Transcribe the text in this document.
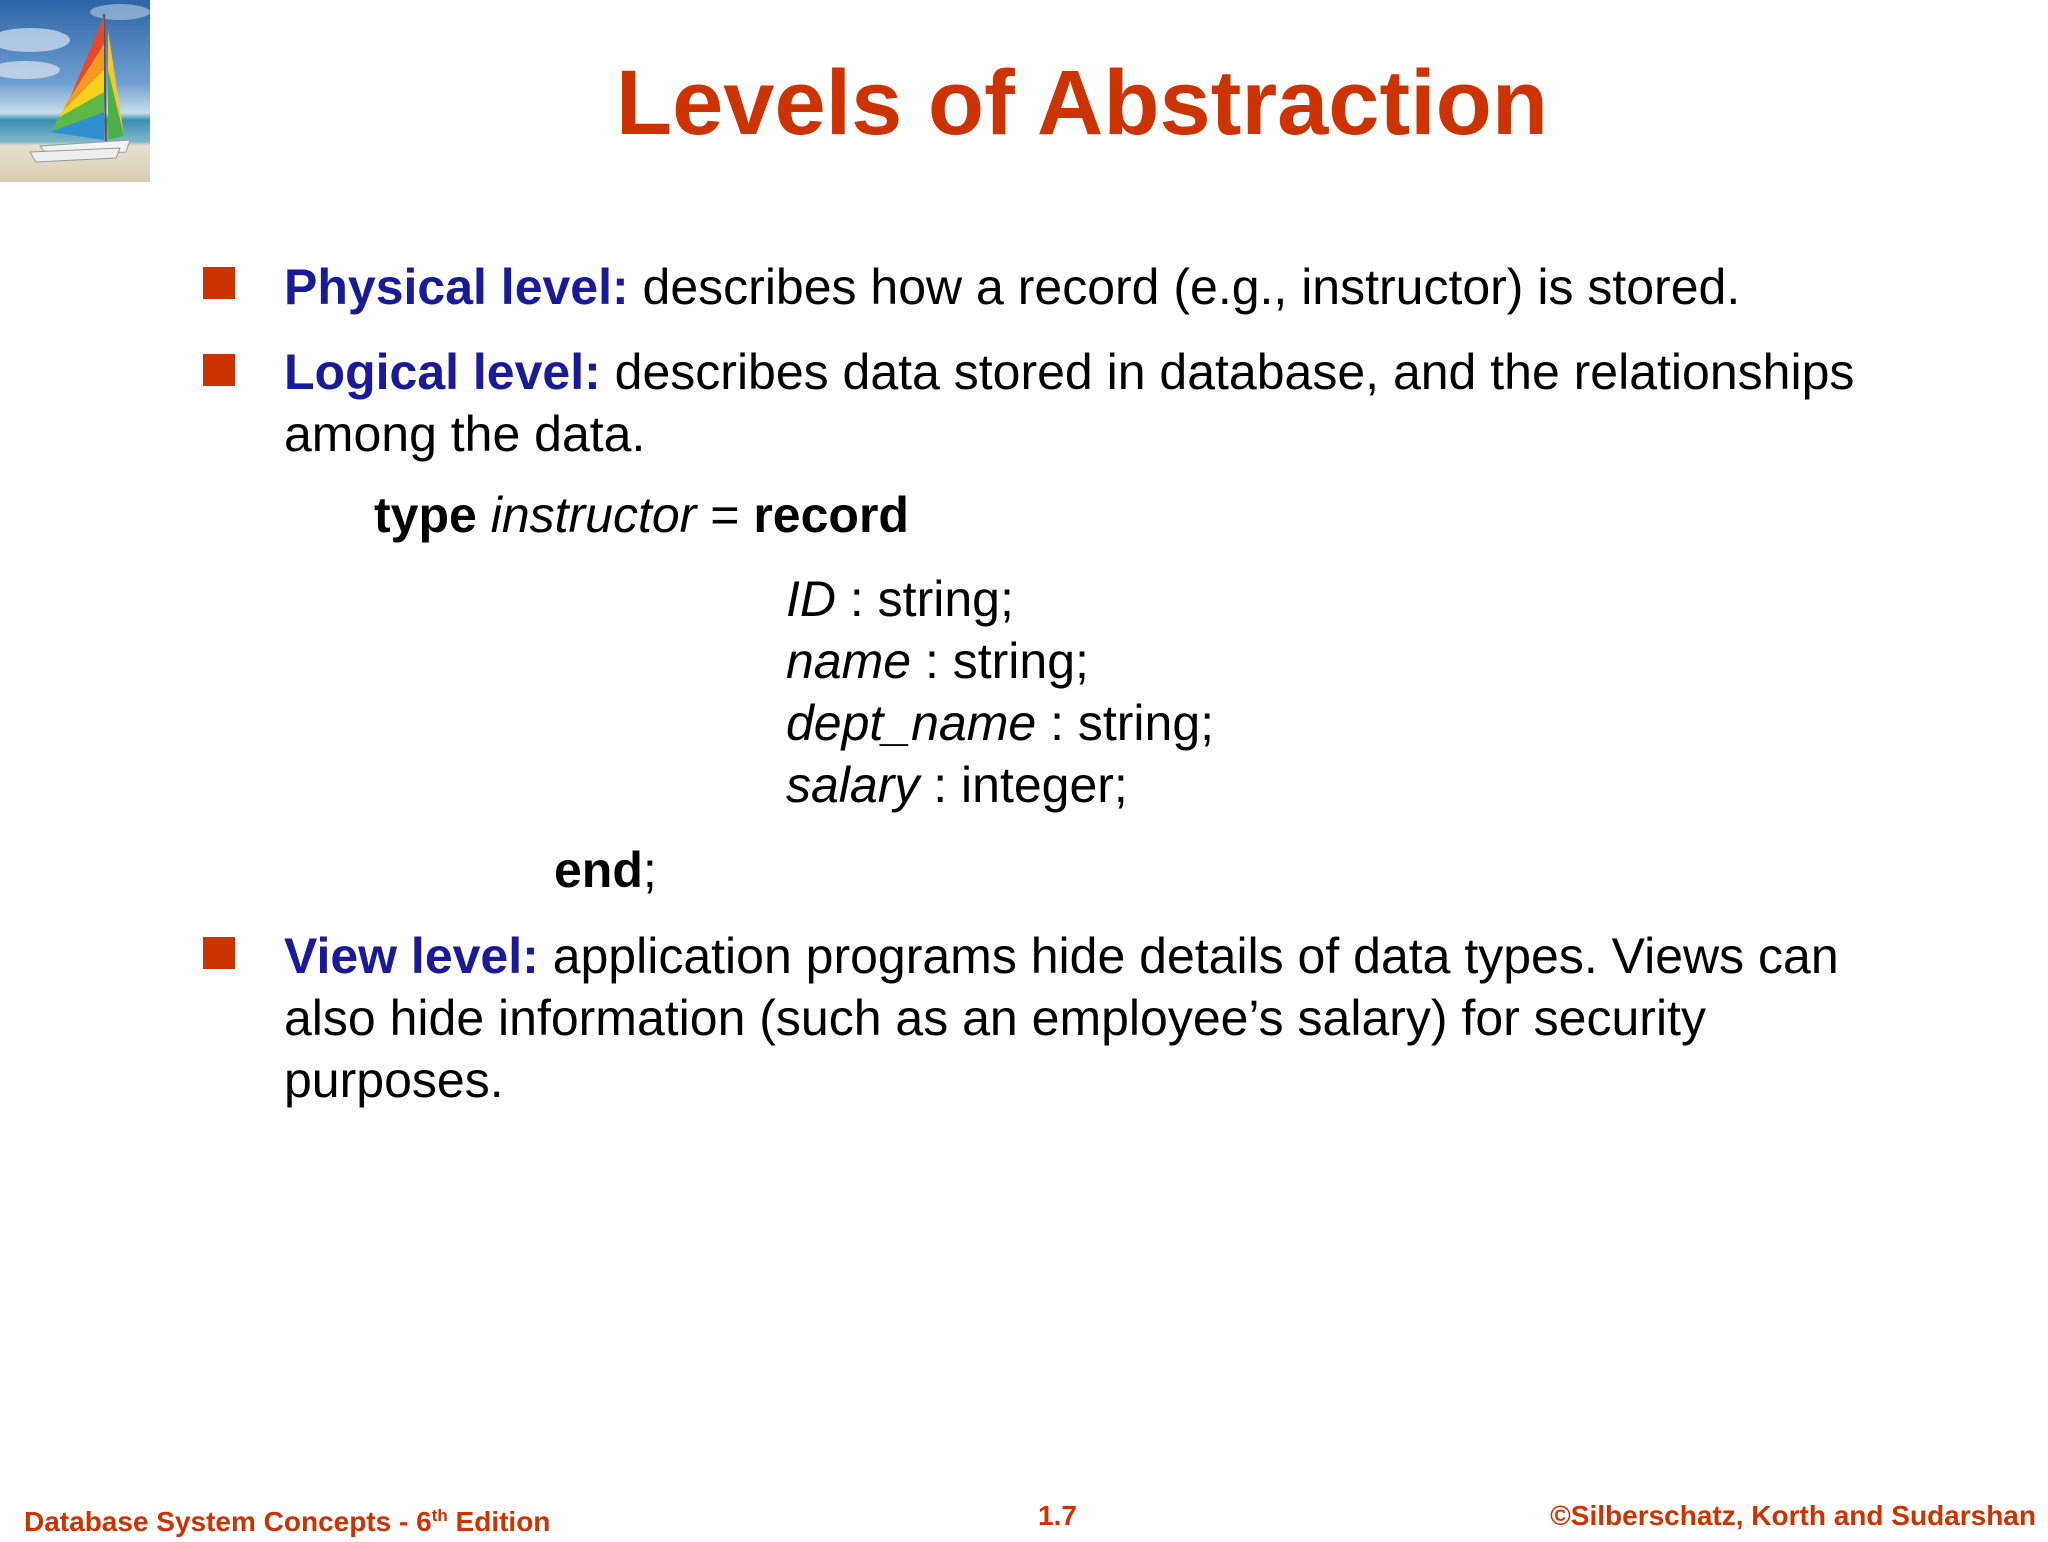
Levels of Abstraction

Physical level: describes how a record (e.g., instructor) is stored.

Logical level: describes data stored in database, and the relationships among the data.

type instructor = record
ID : string;
name : string;
dept_name : string;
salary : integer;
end;

View level: application programs hide details of data types. Views can also hide information (such as an employee’s salary) for security purposes.

Database System Concepts - 6th Edition	1.7	©Silberschatz, Korth and Sudarshan
